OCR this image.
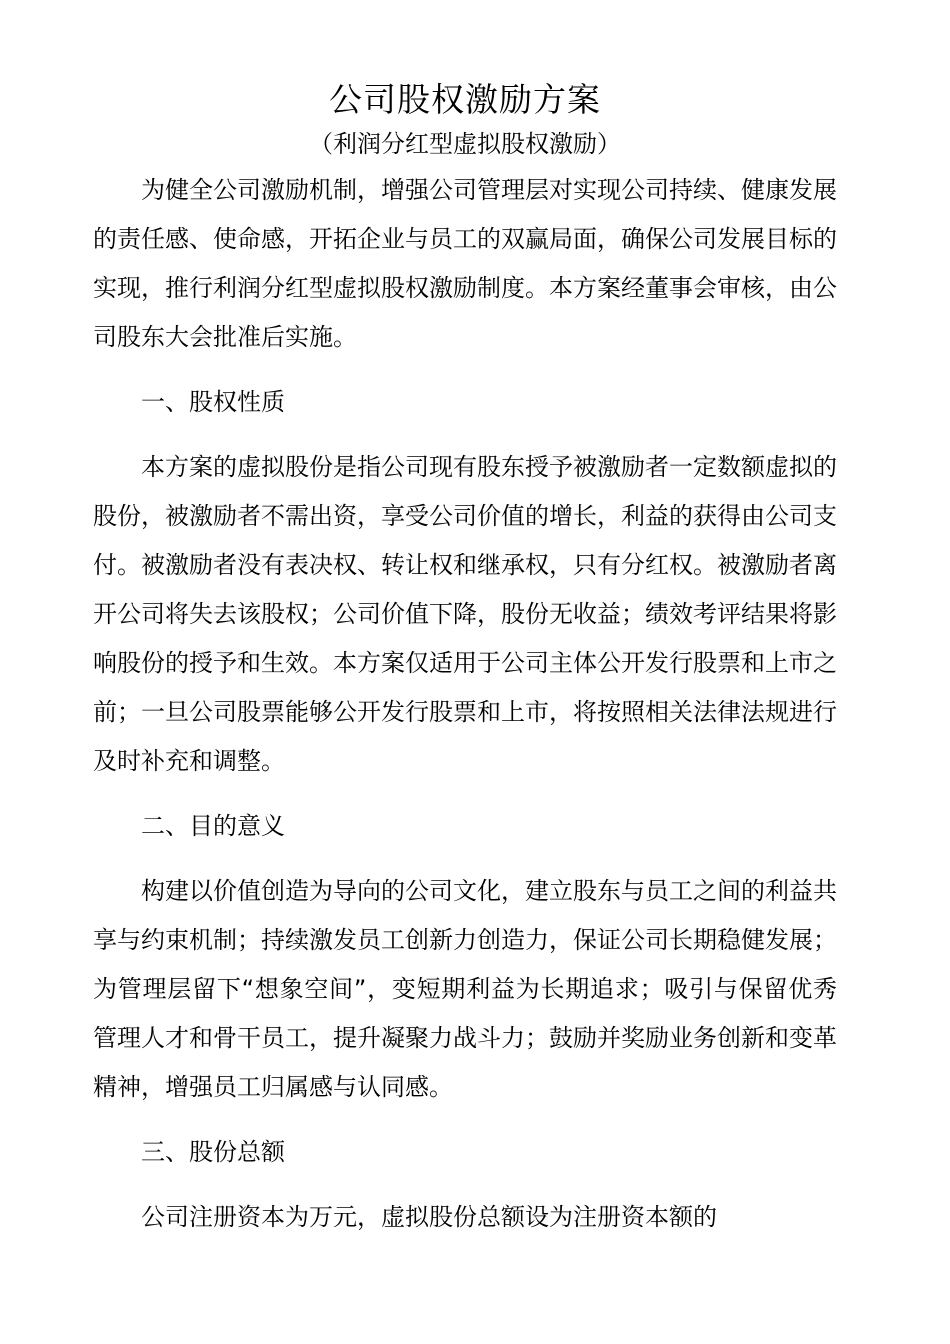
公司股权激励方案
（利润分红型虚拟股权激励）

为健全公司激励机制，增强公司管理层对实现公司持续、健康发展的责任感、使命感，开拓企业与员工的双赢局面，确保公司发展目标的实现，推行利润分红型虚拟股权激励制度。本方案经董事会审核，由公司股东大会批准后实施。

一、股权性质

本方案的虚拟股份是指公司现有股东授予被激励者一定数额虚拟的股份，被激励者不需出资，享受公司价值的增长，利益的获得由公司支付。被激励者没有表决权、转让权和继承权，只有分红权。被激励者离开公司将失去该股权；公司价值下降，股份无收益；绩效考评结果将影响股份的授予和生效。本方案仅适用于公司主体公开发行股票和上市之前；一旦公司股票能够公开发行股票和上市，将按照相关法律法规进行及时补充和调整。

二、目的意义

构建以价值创造为导向的公司文化，建立股东与员工之间的利益共享与约束机制；持续激发员工创新力创造力，保证公司长期稳健发展；为管理层留下“想象空间”，变短期利益为长期追求；吸引与保留优秀管理人才和骨干员工，提升凝聚力战斗力；鼓励并奖励业务创新和变革精神，增强员工归属感与认同感。

三、股份总额

公司注册资本为万元，虚拟股份总额设为注册资本额的
